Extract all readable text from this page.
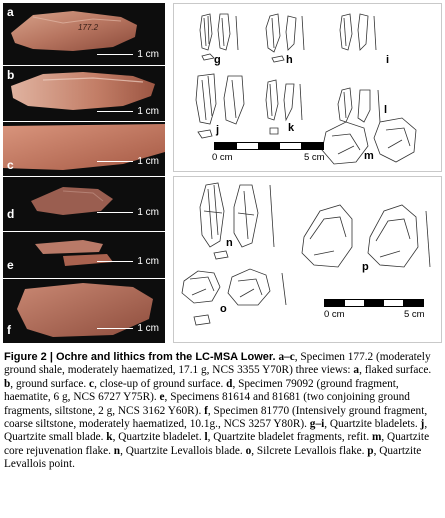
a
177.2
1 cm
b
1 cm
c	1 cm
d	1 cm
e	1 cm
f	1 cm
g	h	i
j	k
l
m
0 cm	5 cm
n
o
p
0 cm	5 cm
Figure 2 | Ochre and lithics from the LC-MSA Lower. a–c, Specimen 177.2 (moderately ground shale, moderately haematized, 17.1 g, NCS 3355 Y70R) three views: a, flaked surface. b, ground surface. c, close-up of ground surface. d, Specimen 79092 (ground fragment, haematite, 6 g, NCS 6727 Y75R). e, Specimens 81614 and 81681 (two conjoining ground fragments, siltstone, 2 g, NCS 3162 Y60R). f, Specimen 81770 (Intensively ground fragment, coarse siltstone, moderately haematized, 10.1g., NCS 3257 Y80R). g–i, Quartzite bladelets. j, Quartzite small blade. k, Quartzite bladelet. l, Quartzite bladelet fragments, refit. m, Quartzite core rejuvenation flake. n, Quartzite Levallois blade. o, Silcrete Levallois flake. p, Quartzite Levallois point.
